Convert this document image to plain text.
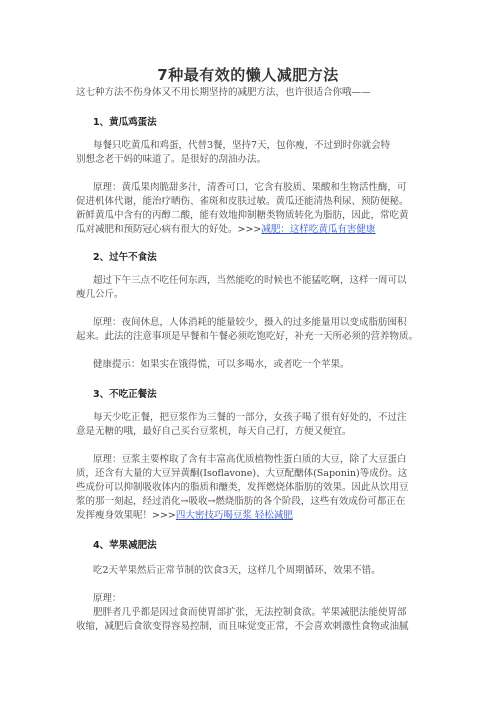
7种最有效的懒人减肥方法
这七种方法不伤身体又不用长期坚持的减肥方法，也许很适合你哦——
1、黄瓜鸡蛋法
每餐只吃黄瓜和鸡蛋，代替3餐，坚持7天，包你瘦，不过到时你就会特
别想念老干妈的味道了。是很好的刮油办法。
原理：黄瓜果肉脆甜多汁，清香可口，它含有胶质、果酸和生物活性酶，可
促进机体代谢，能治疗晒伤、雀斑和皮肤过敏。黄瓜还能清热利尿、预防便秘。
新鲜黄瓜中含有的丙醇二酸，能有效地抑制糖类物质转化为脂肪，因此，常吃黄
瓜对减肥和预防冠心病有很大的好处。>>>减肥：这样吃黄瓜有害健康
2、过午不食法
超过下午三点不吃任何东西，当然能吃的时候也不能猛吃啊，这样一周可以
瘦几公斤。
原理：夜间休息，人体消耗的能量较少，摄入的过多能量用以变成脂肪囤积
起来。此法的注意事项是早餐和午餐必须吃饱吃好，补充一天所必须的营养物质。
健康提示：如果实在饿得慌，可以多喝水，或者吃一个苹果。
3、不吃正餐法
每天少吃正餐，把豆浆作为三餐的一部分，女孩子喝了很有好处的，不过注
意是无糖的哦，最好自己买台豆浆机，每天自己打，方便又便宜。
原理：豆浆主要榨取了含有丰富高优质植物性蛋白质的大豆，除了大豆蛋白
质，还含有大量的大豆异黄酮(Isoflavone)、大豆配醣体(Saponin)等成份。这
些成份可以抑制吸收体内的脂质和醣类，发挥燃烧体脂肪的效果。因此从饮用豆
浆的那一刻起，经过消化→吸收→燃烧脂肪的各个阶段，这些有效成份可都正在
发挥瘦身效果呢！>>>四大密技巧喝豆浆 轻松减肥
4、苹果减肥法
吃2天苹果然后正常节制的饮食3天，这样几个周期循环，效果不错。
原理：
肥胖者几乎都是因过食而使胃部扩张，无法控制食欲。苹果减肥法能使胃部
收缩，减肥后食欲变得容易控制，而且味觉变正常，不会喜欢刺激性食物或油腻
